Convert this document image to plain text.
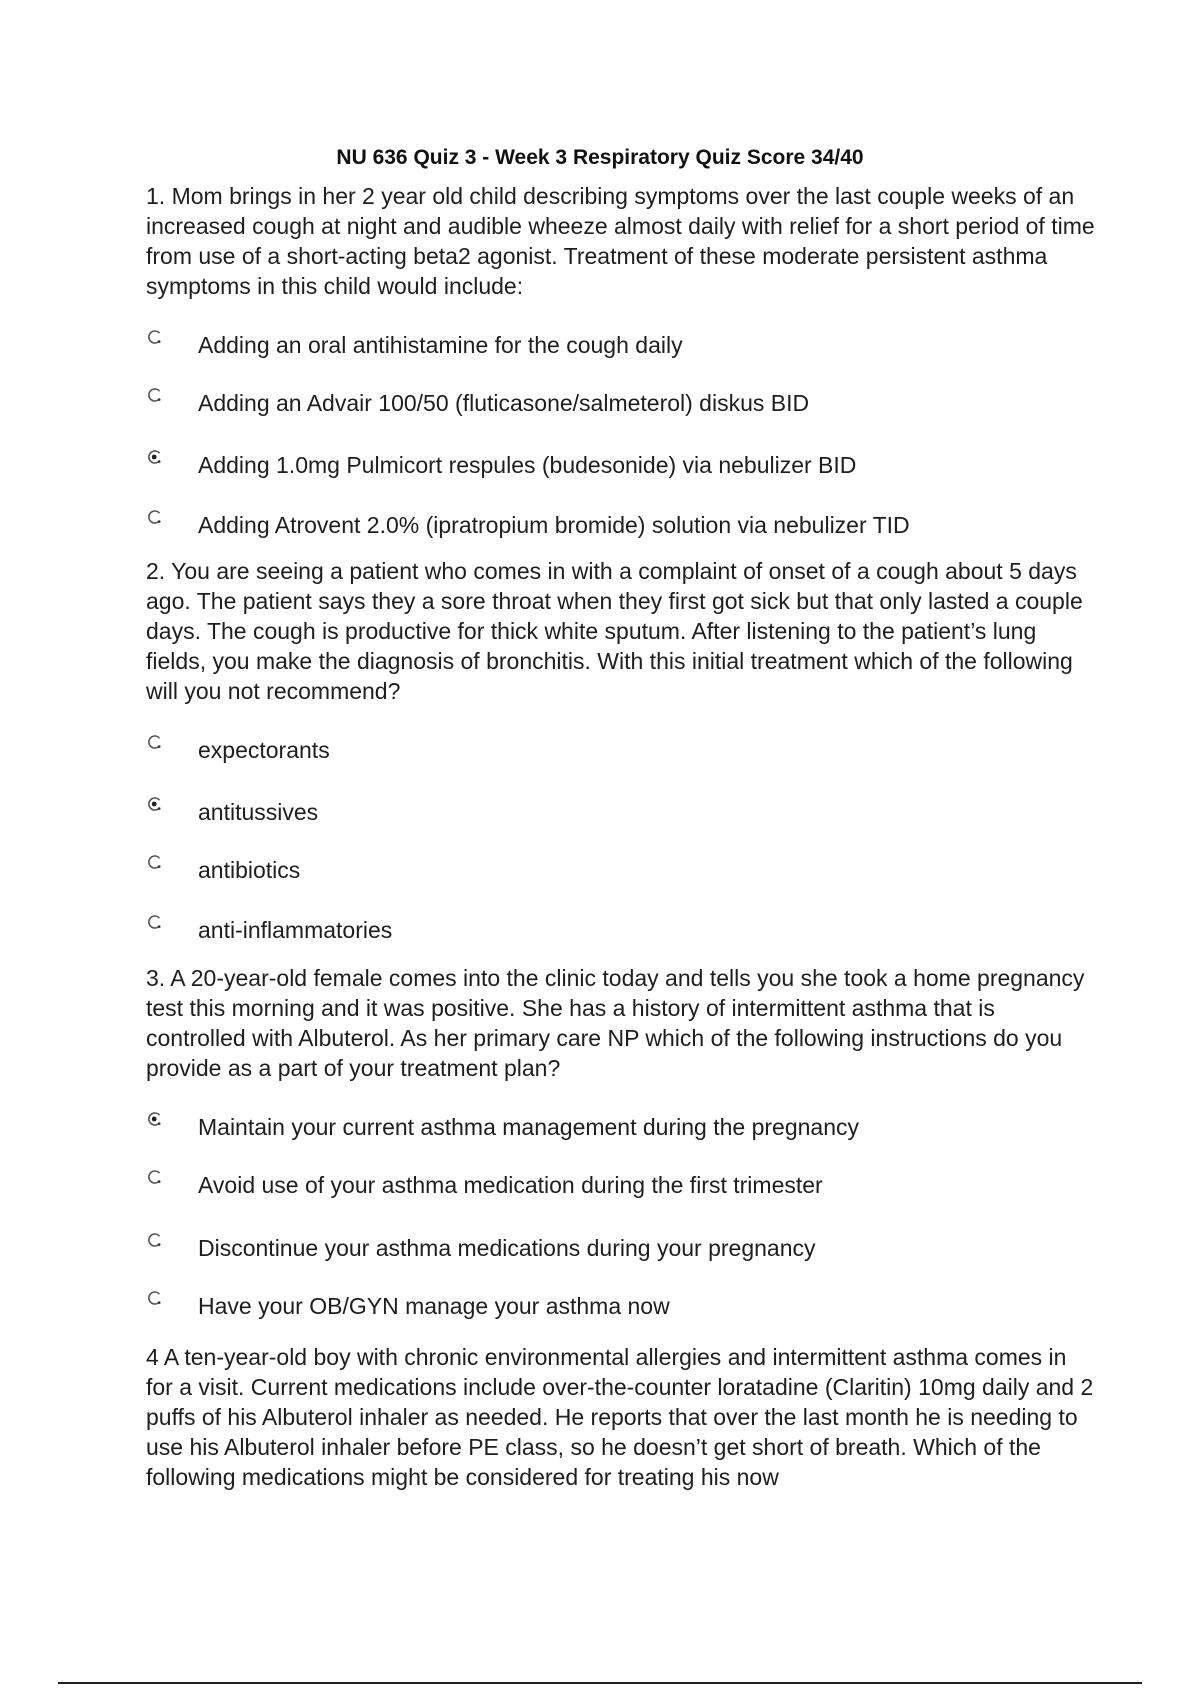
NU 636 Quiz 3 - Week 3 Respiratory Quiz Score 34/40
1. Mom brings in her 2 year old child describing symptoms over the last couple weeks of an increased cough at night and audible wheeze almost daily with relief for a short period of time from use of a short-acting beta2 agonist. Treatment of these moderate persistent asthma symptoms in this child would include:
Adding an oral antihistamine for the cough daily
Adding an Advair 100/50 (fluticasone/salmeterol) diskus BID
Adding 1.0mg Pulmicort respules (budesonide) via nebulizer BID
Adding Atrovent 2.0% (ipratropium bromide) solution via nebulizer TID
2. You are seeing a patient who comes in with a complaint of onset of a cough about 5 days ago. The patient says they a sore throat when they first got sick but that only lasted a couple days. The cough is productive for thick white sputum. After listening to the patient’s lung fields, you make the diagnosis of bronchitis. With this initial treatment which of the following will you not recommend?
expectorants
antitussives
antibiotics
anti-inflammatories
3. A 20-year-old female comes into the clinic today and tells you she took a home pregnancy test this morning and it was positive. She has a history of intermittent asthma that is controlled with Albuterol. As her primary care NP which of the following instructions do you provide as a part of your treatment plan?
Maintain your current asthma management during the pregnancy
Avoid use of your asthma medication during the first trimester
Discontinue your asthma medications during your pregnancy
Have your OB/GYN manage your asthma now
4 A ten-year-old boy with chronic environmental allergies and intermittent asthma comes in for a visit. Current medications include over-the-counter loratadine (Claritin) 10mg daily and 2 puffs of his Albuterol inhaler as needed. He reports that over the last month he is needing to use his Albuterol inhaler before PE class, so he doesn’t get short of breath. Which of the following medications might be considered for treating his now
